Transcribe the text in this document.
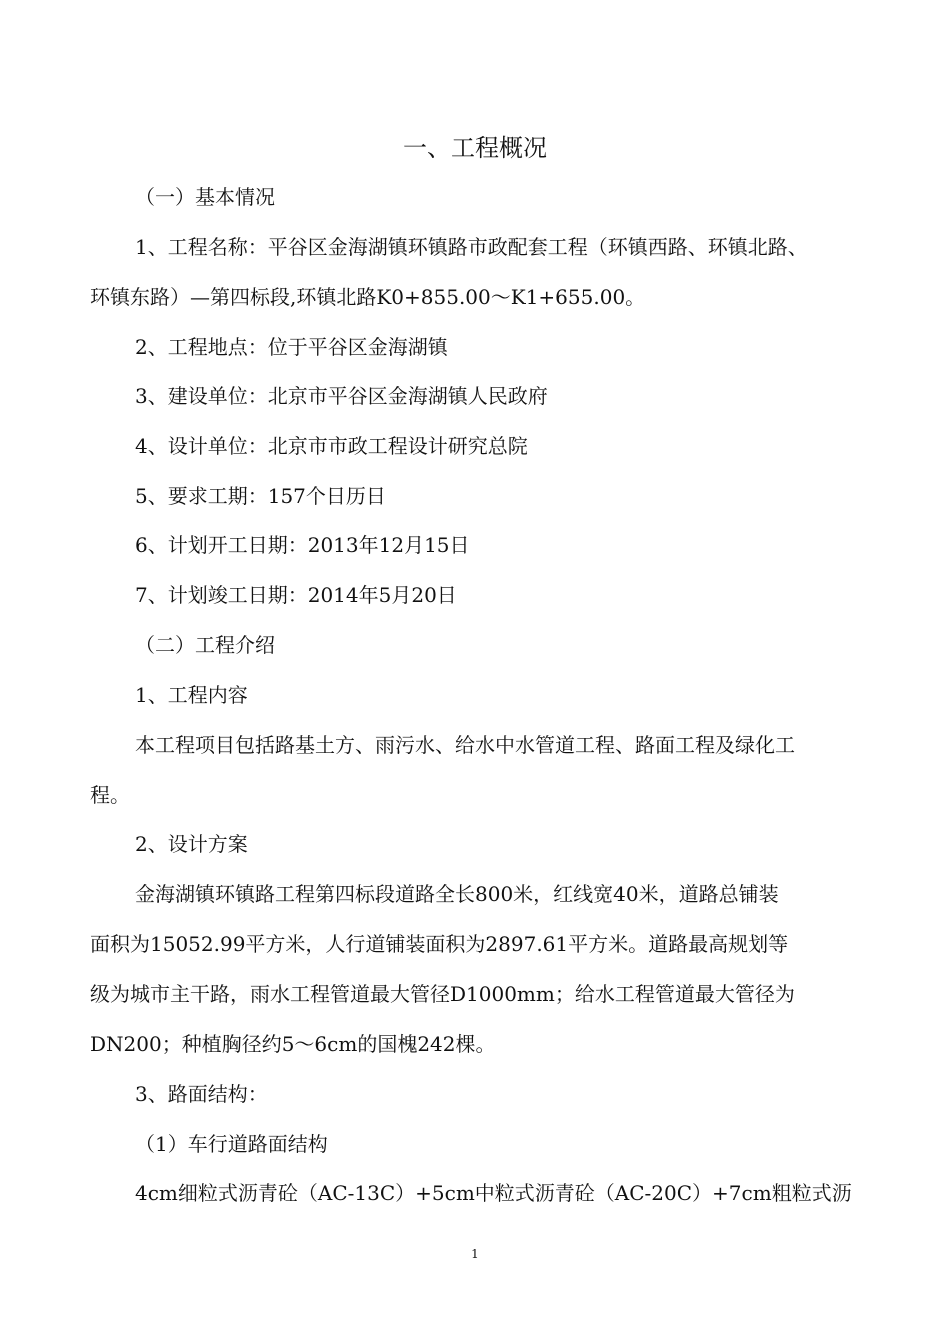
一、工程概况
（一）基本情况
1、工程名称：平谷区金海湖镇环镇路市政配套工程（环镇西路、环镇北路、
环镇东路）—第四标段,环镇北路K0+855.00～K1+655.00。
2、工程地点：位于平谷区金海湖镇
3、建设单位：北京市平谷区金海湖镇人民政府
4、设计单位：北京市市政工程设计研究总院
5、要求工期：157个日历日
6、计划开工日期：2013年12月15日
7、计划竣工日期：2014年5月20日
（二）工程介绍
1、工程内容
本工程项目包括路基土方、雨污水、给水中水管道工程、路面工程及绿化工
程。
2、设计方案
金海湖镇环镇路工程第四标段道路全长800米，红线宽40米，道路总铺装
面积为15052.99平方米，人行道铺装面积为2897.61平方米。道路最高规划等
级为城市主干路，雨水工程管道最大管径D1000mm；给水工程管道最大管径为
DN200；种植胸径约5～6cm的国槐242棵。
3、路面结构：
（1）车行道路面结构
4cm细粒式沥青砼（AC-13C）+5cm中粒式沥青砼（AC-20C）+7cm粗粒式沥
1
